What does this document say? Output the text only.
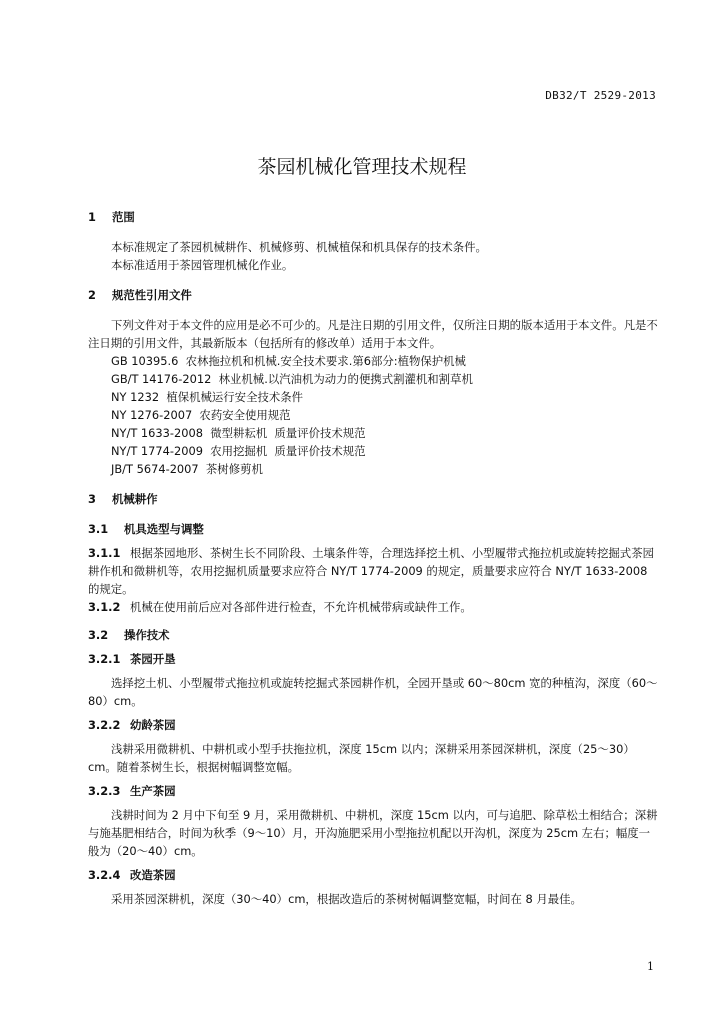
DB32/T 2529-2013
茶园机械化管理技术规程
1 范围

本标准规定了茶园机械耕作、机械修剪、机械植保和机具保存的技术条件。

本标准适用于茶园管理机械化作业。

2 规范性引用文件

下列文件对于本文件的应用是必不可少的。凡是注日期的引用文件，仅所注日期的版本适用于本文件。凡是不注日期的引用文件，其最新版本（包括所有的修改单）适用于本文件。

GB 10395.6  农林拖拉机和机械.安全技术要求.第6部分:植物保护机械

GB/T 14176-2012  林业机械.以汽油机为动力的便携式割灌机和割草机

NY 1232  植保机械运行安全技术条件

NY 1276-2007  农药安全使用规范

NY/T 1633-2008  微型耕耘机  质量评价技术规范

NY/T 1774-2009  农用挖掘机  质量评价技术规范

JB/T 5674-2007  茶树修剪机

3 机械耕作
3.1 机具选型与调整

3.1.1 根据茶园地形、茶树生长不同阶段、土壤条件等，合理选择挖土机、小型履带式拖拉机或旋转挖掘式茶园耕作机和微耕机等，农用挖掘机质量要求应符合 NY/T 1774-2009 的规定，质量要求应符合 NY/T 1633-2008 的规定。

3.1.2 机械在使用前后应对各部件进行检查，不允许机械带病或缺件工作。

3.2 操作技术
3.2.1 茶园开垦

选择挖土机、小型履带式拖拉机或旋转挖掘式茶园耕作机，全园开垦或 60～80cm 宽的种植沟，深度（60～80）cm。

3.2.2 幼龄茶园

浅耕采用微耕机、中耕机或小型手扶拖拉机，深度 15cm 以内；深耕采用茶园深耕机，深度（25～30）cm。随着茶树生长，根据树幅调整宽幅。

3.2.3 生产茶园

浅耕时间为 2 月中下旬至 9 月，采用微耕机、中耕机，深度 15cm 以内，可与追肥、除草松土相结合；深耕与施基肥相结合，时间为秋季（9～10）月，开沟施肥采用小型拖拉机配以开沟机，深度为 25cm 左右；幅度一般为（20～40）cm。

3.2.4 改造茶园

采用茶园深耕机，深度（30～40）cm，根据改造后的茶树树幅调整宽幅，时间在 8 月最佳。

1
